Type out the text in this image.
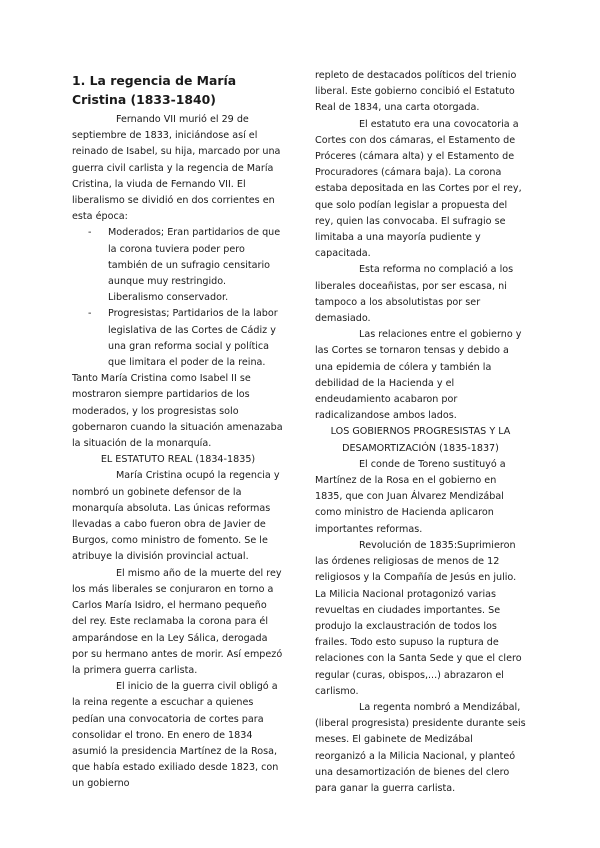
1. La regencia de María Cristina (1833-1840)

Fernando VII murió el 29 de septiembre de 1833, iniciándose así el reinado de Isabel, su hija, marcado por una guerra civil carlista y la regencia de María Cristina, la viuda de Fernando VII. El liberalismo se dividió en dos corrientes en esta época:

- Moderados; Eran partidarios de que la corona tuviera poder pero también de un sufragio censitario aunque muy restringido. Liberalismo conservador.
- Progresistas; Partidarios de la labor legislativa de las Cortes de Cádiz y una gran reforma social y política que limitara el poder de la reina.

Tanto María Cristina como Isabel II se mostraron siempre partidarios de los moderados, y los progresistas solo gobernaron cuando la situación amenazaba la situación de la monarquía.

EL ESTATUTO REAL (1834-1835)

María Cristina ocupó la regencia y nombró un gobinete defensor de la monarquía absoluta. Las únicas reformas llevadas a cabo fueron obra de Javier de Burgos, como ministro de fomento. Se le atribuye la división provincial actual.

El mismo año de la muerte del rey los más liberales se conjuraron en torno a Carlos María Isidro, el hermano pequeño del rey. Este reclamaba la corona para él amparándose en la Ley Sálica, derogada por su hermano antes de morir. Así empezó la primera guerra carlista.

El inicio de la guerra civil obligó a la reina regente a escuchar a quienes pedían una convocatoria de cortes para consolidar el trono. En enero de 1834 asumió la presidencia Martínez de la Rosa, que había estado exiliado desde 1823, con un gobierno

repleto de destacados políticos del trienio liberal. Este gobierno concibió el Estatuto Real de 1834, una carta otorgada.

El estatuto era una covocatoria a Cortes con dos cámaras, el Estamento de Próceres (cámara alta) y el Estamento de Procuradores (cámara baja). La corona estaba depositada en las Cortes por el rey, que solo podían legislar a propuesta del rey, quien las convocaba. El sufragio se limitaba a una mayoría pudiente y capacitada.

Esta reforma no complació a los liberales doceañistas, por ser escasa, ni tampoco a los absolutistas por ser demasiado.

Las relaciones entre el gobierno y las Cortes se tornaron tensas y debido a una epidemia de cólera y también la debilidad de la Hacienda y el endeudamiento acabaron por radicalizandose ambos lados.

LOS GOBIERNOS PROGRESISTAS Y LA DESAMORTIZACIÓN (1835-1837)

El conde de Toreno sustituyó a Martínez de la Rosa en el gobierno en 1835, que con Juan Álvarez Mendizábal como ministro de Hacienda aplicaron importantes reformas.

Revolución de 1835:Suprimieron las órdenes religiosas de menos de 12 religiosos y la Compañía de Jesús en julio. La Milicia Nacional protagonizó varias revueltas en ciudades importantes. Se produjo la exclaustración de todos los frailes. Todo esto supuso la ruptura de relaciones con la Santa Sede y que el clero regular (curas, obispos,...) abrazaron el carlismo.

La regenta nombró a Mendizábal, (liberal progresista) presidente durante seis meses. El gabinete de Medizábal reorganizó a la Milicia Nacional, y planteó una desamortización de bienes del clero para ganar la guerra carlista.
